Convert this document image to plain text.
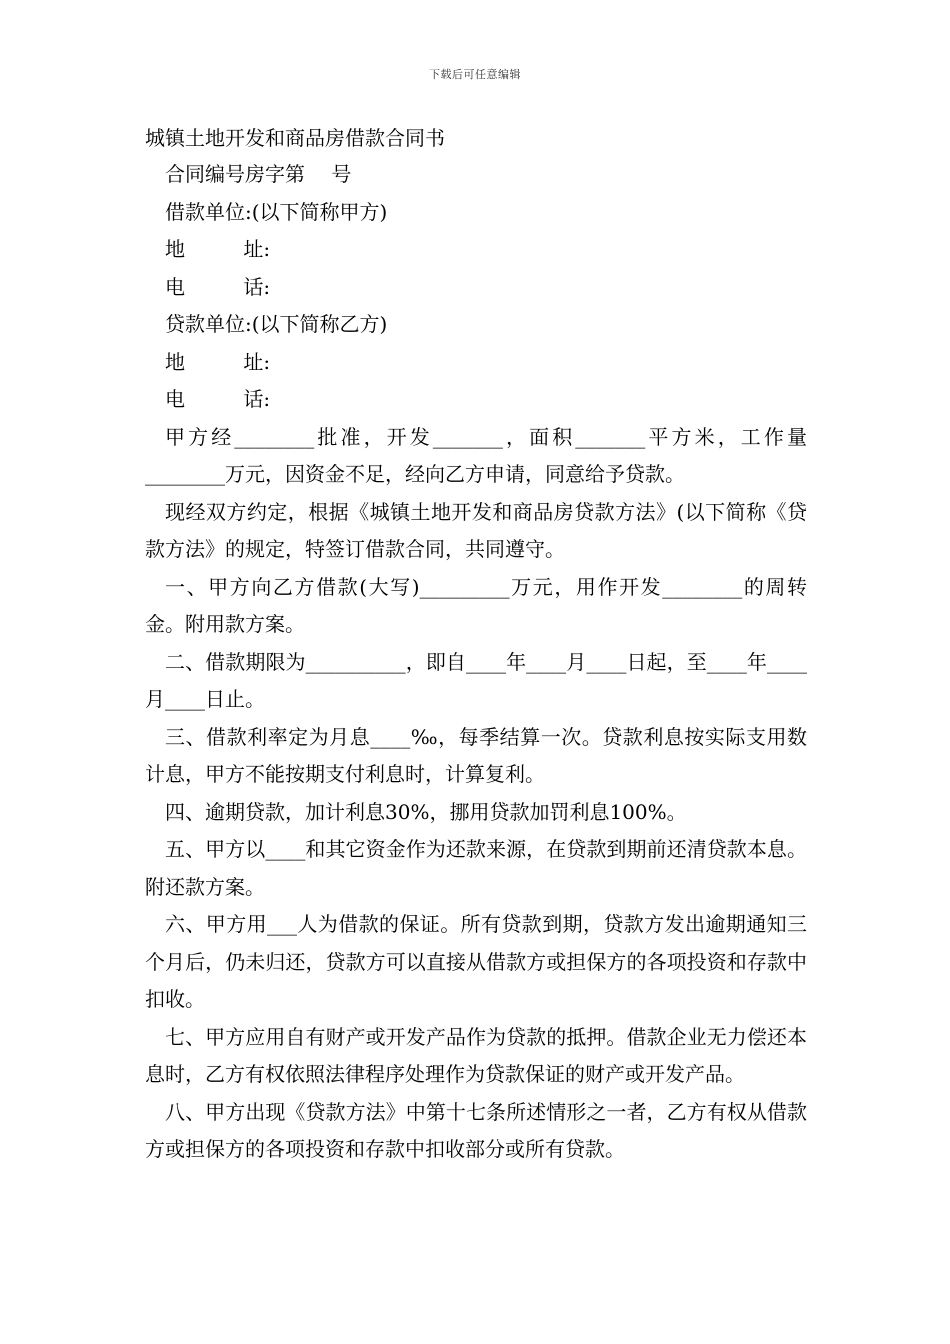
下载后可任意编辑
城镇土地开发和商品房借款合同书

合同编号房字第　 号

借款单位:(以下简称甲方)

地 址:

电 话:

贷款单位:(以下简称乙方)

地 址:

电 话:

甲方经________批准，开发_______，面积_______平方米，工作量________万元，因资金不足，经向乙方申请，同意给予贷款。

现经双方约定，根据《城镇土地开发和商品房贷款方法》(以下简称《贷款方法》的规定，特签订借款合同，共同遵守。

一、甲方向乙方借款(大写)_________万元，用作开发________的周转金。附用款方案。

二、借款期限为__________，即自____年____月____日起，至____年____月____日止。

三、借款利率定为月息____‰，每季结算一次。贷款利息按实际支用数计息，甲方不能按期支付利息时，计算复利。

四、逾期贷款，加计利息30%，挪用贷款加罚利息100%。

五、甲方以____和其它资金作为还款来源，在贷款到期前还清贷款本息。附还款方案。

六、甲方用___人为借款的保证。所有贷款到期，贷款方发出逾期通知三个月后，仍未归还，贷款方可以直接从借款方或担保方的各项投资和存款中扣收。

七、甲方应用自有财产或开发产品作为贷款的抵押。借款企业无力偿还本息时，乙方有权依照法律程序处理作为贷款保证的财产或开发产品。

八、甲方出现《贷款方法》中第十七条所述情形之一者，乙方有权从借款方或担保方的各项投资和存款中扣收部分或所有贷款。
